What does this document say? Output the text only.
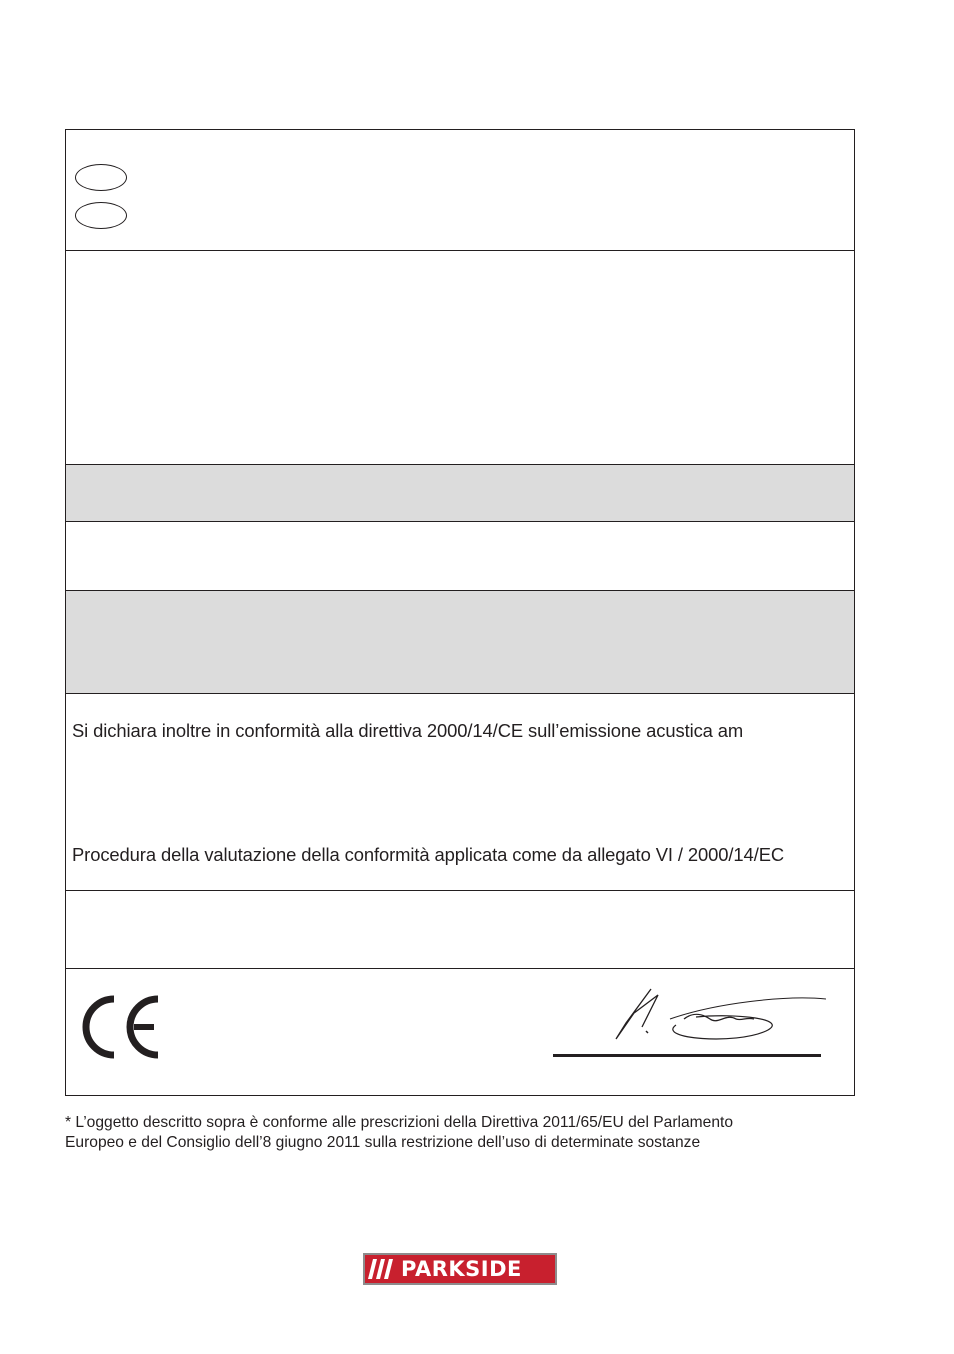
Si dichiara inoltre in conformità alla direttiva 2000/14/CE sull’emissione acustica am

Procedura della valutazione della conformità applicata come da allegato VI / 2000/14/EC

* L’oggetto descritto sopra è conforme alle prescrizioni della Direttiva 2011/65/EU del Parlamento
Europeo e del Consiglio dell’8 giugno 2011 sulla restrizione dell’uso di determinate sostanze

PARKSIDE
